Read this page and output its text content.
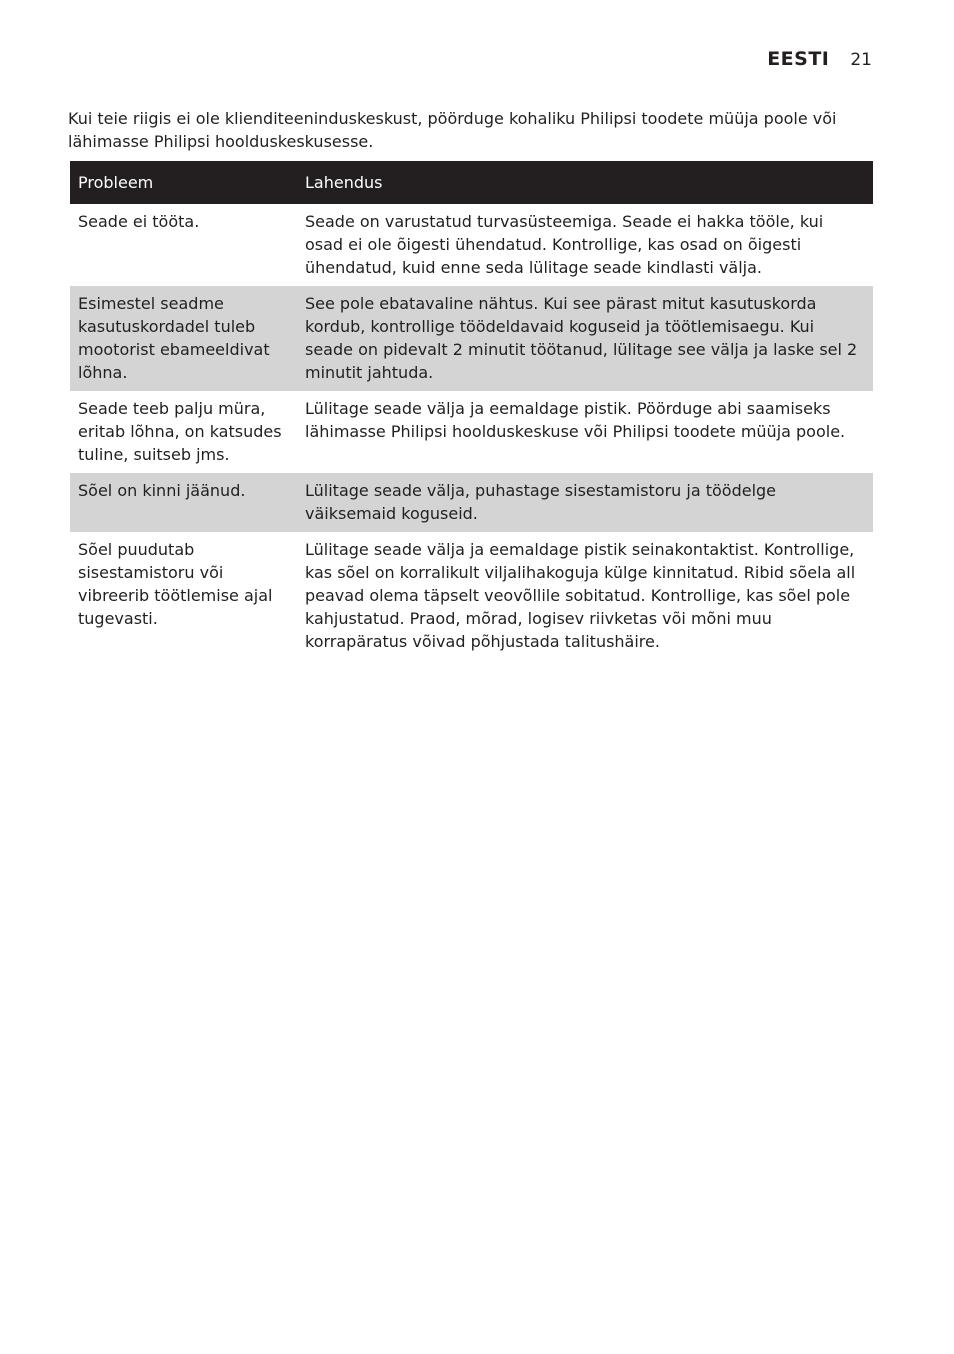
EESTI 21

Kui teie riigis ei ole klienditeeninduskeskust, pöörduge kohaliku Philipsi toodete müüja poole või lähimasse Philipsi hoolduskeskusesse.

Probleem	Lahendus
Seade ei tööta.	Seade on varustatud turvasüsteemiga. Seade ei hakka tööle, kui osad ei ole õigesti ühendatud. Kontrollige, kas osad on õigesti ühendatud, kuid enne seda lülitage seade kindlasti välja.
Esimestel seadme kasutuskordadel tuleb mootorist ebameeldivat lõhna.	See pole ebatavaline nähtus. Kui see pärast mitut kasutuskorda kordub, kontrollige töödeldavaid koguseid ja töötlemisaegu. Kui seade on pidevalt 2 minutit töötanud, lülitage see välja ja laske sel 2 minutit jahtuda.
Seade teeb palju müra, eritab lõhna, on katsudes tuline, suitseb jms.	Lülitage seade välja ja eemaldage pistik. Pöörduge abi saamiseks lähimasse Philipsi hoolduskeskuse või Philipsi toodete müüja poole.
Sõel on kinni jäänud.	Lülitage seade välja, puhastage sisestamistoru ja töödelge väiksemaid koguseid.
Sõel puudutab sisestamistoru või vibreerib töötlemise ajal tugevasti.	Lülitage seade välja ja eemaldage pistik seinakontaktist. Kontrollige, kas sõel on korralikult viljalihakoguja külge kinnitatud. Ribid sõela all peavad olema täpselt veovõllile sobitatud. Kontrollige, kas sõel pole kahjustatud. Praod, mõrad, logisev riivketas või mõni muu korrapäratus võivad põhjustada talitushäire.
